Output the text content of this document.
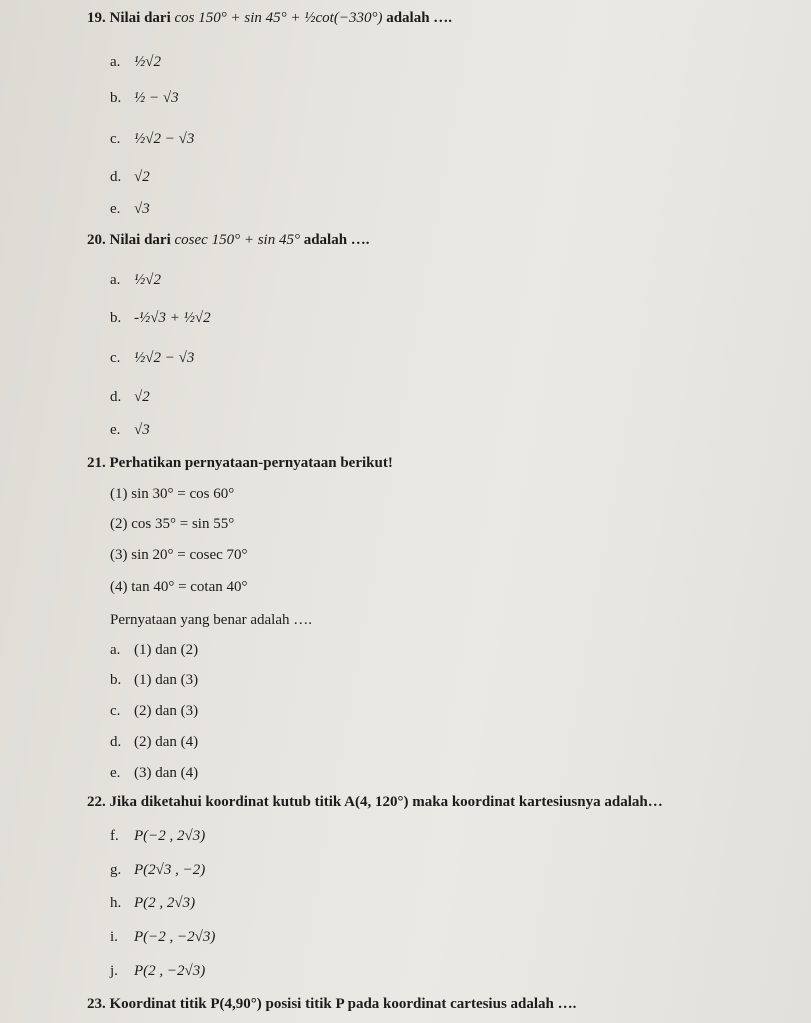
19. Nilai dari cos 150° + sin 45° + ½cot(−330°) adalah ….
a. ½√2
b. ½ − √3
c. ½√2 − √3
d. √2
e. √3
20. Nilai dari cosec 150° + sin 45° adalah ….
a. ½√2
b. -½√3 + ½√2
c. ½√2 − √3
d. √2
e. √3
21. Perhatikan pernyataan-pernyataan berikut!
(1) sin 30° = cos 60°
(2) cos 35° = sin 55°
(3) sin 20° = cosec 70°
(4) tan 40° = cotan 40°
Pernyataan yang benar adalah ….
a. (1) dan (2)
b. (1) dan (3)
c. (2) dan (3)
d. (2) dan (4)
e. (3) dan (4)
22. Jika diketahui koordinat kutub titik A(4, 120°) maka koordinat kartesiusnya adalah…
f. P(−2 , 2√3)
g. P(2√3 , −2)
h. P(2 , 2√3)
i. P(−2 , −2√3)
j. P(2 , −2√3)
23. Koordinat titik P(4,90°) posisi titik P pada koordinat cartesius adalah ….
